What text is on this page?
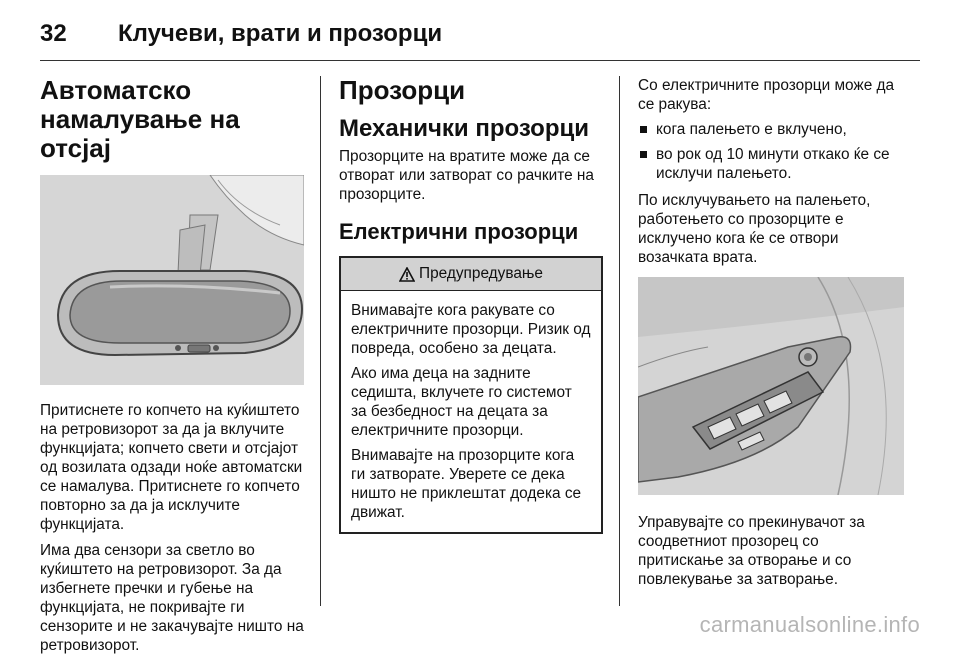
32 Клучеви, врати и прозорци
Автоматско намалување на отсјај

Притиснете го копчето на куќиштето на ретровизорот за да ја вклучите функцијата; копчето свети и отсјајот од возилата одзади ноќе автоматски се намалува. Притиснете го копчето повторно за да ја исклучите функцијата.

Има два сензори за светло во куќиштето на ретровизорот. За да избегнете пречки и губење на функцијата, не покривајте ги сензорите и не закачувајте ништо на ретровизорот.

Прозорци
Механички прозорци

Прозорците на вратите може да се отворат или затворат со рачките на прозорците.

Електрични прозорци
Предупредување

Внимавајте кога ракувате со електричните прозорци. Ризик од повреда, особено за децата.

Ако има деца на задните седишта, вклучете го системот за безбедност на децата за електричните прозорци.

Внимавајте на прозорците кога ги затворате. Уверете се дека ништо не приклештат додека се движат.

Со електричните прозорци може да се ракува:

кога палењето е вклучено,
во рок од 10 минути откако ќе се исклучи палењето.

По исклучувањето на палењето, работењето со прозорците е исклучено кога ќе се отвори возачката врата.

Управувајте со прекинувачот за соодветниот прозорец со притискање за отворање и со повлекување за затворање.

carmanualsonline.info
